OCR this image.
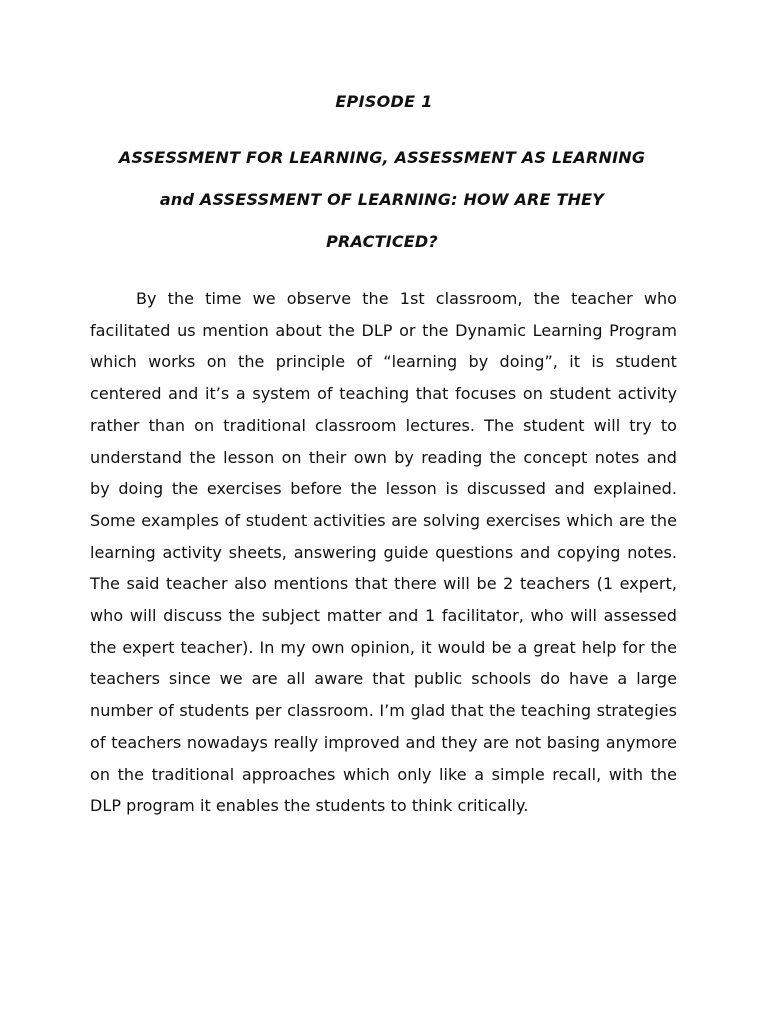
EPISODE 1
ASSESSMENT FOR LEARNING, ASSESSMENT AS LEARNING
and ASSESSMENT OF LEARNING: HOW ARE THEY
PRACTICED?

By the time we observe the 1st classroom, the teacher who facilitated us mention about the DLP or the Dynamic Learning Program which works on the principle of “learning by doing”, it is student centered and it’s a system of teaching that focuses on student activity rather than on traditional classroom lectures. The student will try to understand the lesson on their own by reading the concept notes and by doing the exercises before the lesson is discussed and explained. Some examples of student activities are solving exercises which are the learning activity sheets, answering guide questions and copying notes. The said teacher also mentions that there will be 2 teachers (1 expert, who will discuss the subject matter and 1 facilitator, who will assessed the expert teacher). In my own opinion, it would be a great help for the teachers since we are all aware that public schools do have a large number of students per classroom. I’m glad that the teaching strategies of teachers nowadays really improved and they are not basing anymore on the traditional approaches which only like a simple recall, with the DLP program it enables the students to think critically.
